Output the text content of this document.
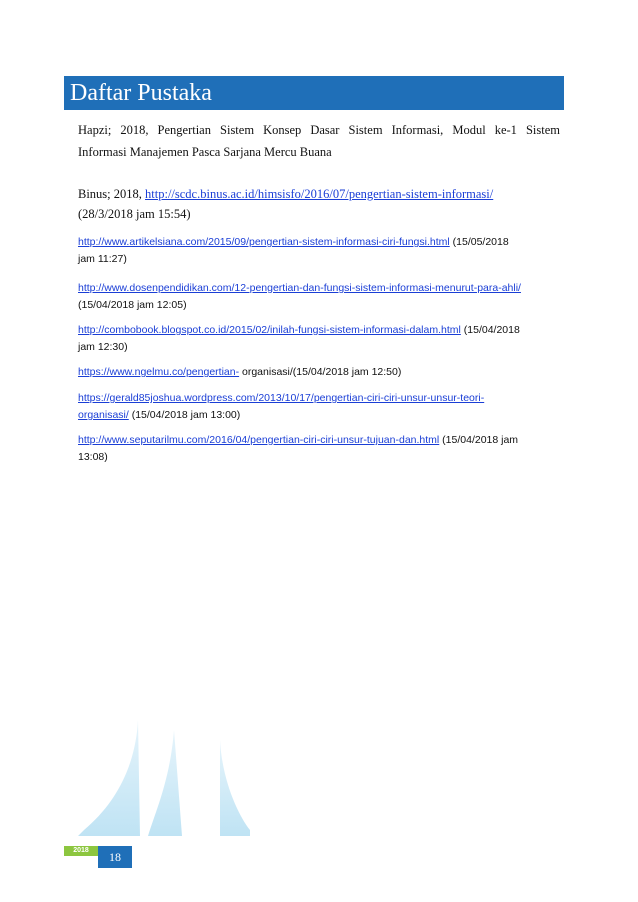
Daftar Pustaka
Hapzi; 2018, Pengertian Sistem Konsep Dasar Sistem Informasi, Modul ke-1 Sistem
Informasi Manajemen Pasca Sarjana Mercu Buana
Binus; 2018, http://scdc.binus.ac.id/himsisfo/2016/07/pengertian-sistem-informasi/
(28/3/2018 jam 15:54)
http://www.artikelsiana.com/2015/09/pengertian-sistem-informasi-ciri-fungsi.html (15/05/2018
jam 11:27)
http://www.dosenpendidikan.com/12-pengertian-dan-fungsi-sistem-informasi-menurut-para-ahli/
(15/04/2018 jam 12:05)
http://combobook.blogspot.co.id/2015/02/inilah-fungsi-sistem-informasi-dalam.html (15/04/2018
jam 12:30)
https://www.ngelmu.co/pengertian- organisasi/(15/04/2018 jam 12:50)
https://gerald85joshua.wordpress.com/2013/10/17/pengertian-ciri-ciri-unsur-unsur-teori-
organisasi/ (15/04/2018 jam 13:00)
http://www.seputarilmu.com/2016/04/pengertian-ciri-ciri-unsur-tujuan-dan.html (15/04/2018 jam
13:08)
2018	18
